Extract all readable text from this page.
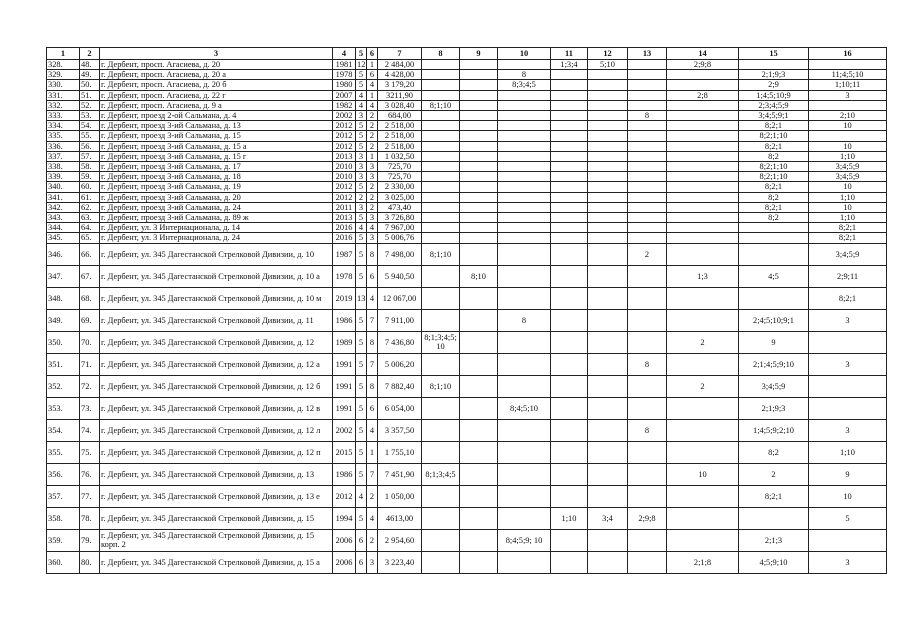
1	2	3	4	5	6	7	8	9	10	11	12	13	14	15	16
328.	48.	г. Дербент, просп. Агасиева, д. 20	1981	12	1	2 484,00				1;3;4	5;10		2;9;8		
329.	49.	г. Дербент, просп. Агасиева, д. 20 а	1978	5	6	4 428,00			8					2;1;9;3	11;4;5;10
330.	50.	г. Дербент, просп. Агасиева, д. 20 б	1980	5	4	3 179,20			8;3;4;5					2;9	1;10;11
331.	51.	г. Дербент, просп. Агасиева, д. 22 г	2007	4	1	3211,90							2;8	1;4;5;10;9	3
332.	52.	г. Дербент, просп. Агасиева, д. 9 а	1982	4	4	3 028,40	8;1;10							2;3;4;5;9	
333.	53.	г. Дербент, проезд 2-ой Сальмана, д. 4	2002	3	2	684,00						8		3;4;5;9;1	2;10
334.	54.	г. Дербент, проезд 3-ий Сальмана, д. 13	2012	5	2	2 518,00								8;2;1	10
335.	55.	г. Дербент, проезд 3-ий Сальмана, д. 15	2012	5	2	2 518,00								8;2;1;10	
336.	56.	г. Дербент, проезд 3-ий Сальмана, д. 15 а	2012	5	2	2 518,00								8;2;1	10
337.	57.	г. Дербент, проезд 3-ий Сальмана, д. 15 г	2013	3	1	1 032,50								8;2	1;10
338.	58.	г. Дербент, проезд 3-ий Сальмана, д. 17	2010	3	3	725,70								8;2;1;10	3;4;5;9
339.	59.	г. Дербент, проезд 3-ий Сальмана, д. 18	2010	3	3	725,70								8;2;1;10	3;4;5;9
340.	60.	г. Дербент, проезд 3-ий Сальмана, д. 19	2012	5	2	2 330,00								8;2;1	10
341.	61.	г. Дербент, проезд 3-ий Сальмана, д. 20	2012	2	2	3 025,00								8;2	1;10
342.	62.	г. Дербент, проезд 3-ий Сальмана, д. 24	2011	3	2	473,40								8;2;1	10
343.	63.	г. Дербент, проезд 3-ий Сальмана, д. 89 ж	2013	5	3	3 726,80								8;2	1;10
344.	64.	г. Дербент, ул. 3 Интернационала, д. 14	2016	4	4	7 967,00									8;2;1
345.	65.	г. Дербент, ул. 3 Интернационала, д. 24	2016	5	3	5 006,76									8;2;1
346.	66.	г. Дербент, ул. 345 Дагестанской Стрелковой Дивизии, д. 10	1987	5	8	7 498,00	8;1;10					2			3;4;5;9
347.	67.	г. Дербент, ул. 345 Дагестанской Стрелковой Дивизии, д. 10 а	1978	5	6	5 940,50		8;10					1;3	4;5	2;9;11
348.	68.	г. Дербент, ул. 345 Дагестанской Стрелковой Дивизии, д. 10 м	2019	13	4	12 067,00									8;2;1
349.	69.	г. Дербент, ул. 345 Дагестанской Стрелковой Дивизии, д. 11	1986	5	7	7 911,00			8					2;4;5;10;9;1	3
350.	70.	г. Дербент, ул. 345 Дагестанской Стрелковой Дивизии, д. 12	1989	5	8	7 436,80	8;1;3;4;5; 10						2	9	
351.	71.	г. Дербент, ул. 345 Дагестанской Стрелковой Дивизии, д. 12 а	1991	5	7	5 006,20						8		2;1;4;5;9;10	3
352.	72.	г. Дербент, ул. 345 Дагестанской Стрелковой Дивизии, д. 12 б	1991	5	8	7 882,40	8;1;10						2	3;4;5;9	
353.	73.	г. Дербент, ул. 345 Дагестанской Стрелковой Дивизии, д. 12 в	1991	5	6	6 054,00			8;4;5;10					2;1;9;3	
354.	74.	г. Дербент, ул. 345 Дагестанской Стрелковой Дивизии, д. 12 л	2002	5	4	3 357,50						8		1;4;5;9;2;10	3
355.	75.	г. Дербент, ул. 345 Дагестанской Стрелковой Дивизии, д. 12 п	2015	5	1	1 755,10								8;2	1;10
356.	76.	г. Дербент, ул. 345 Дагестанской Стрелковой Дивизии, д. 13	1986	5	7	7 451,90	8;1;3;4;5						10	2	9
357.	77.	г. Дербент, ул. 345 Дагестанской Стрелковой Дивизии, д. 13 е	2012	4	2	1 050,00								8;2;1	10
358.	78.	г. Дербент, ул. 345 Дагестанской Стрелковой Дивизии, д. 15	1994	5	4	4613,00				1;10	3;4	2;9;8			5
359.	79.	г. Дербент, ул. 345 Дагестанской Стрелковой Дивизии, д. 15 корп. 2	2006	6	2	2 954,60			8;4;5;9; 10					2;1;3	
360.	80.	г. Дербент, ул. 345 Дагестанской Стрелковой Дивизии, д. 15 а	2006	6	3	3 223,40							2;1;8	4;5;9;10	3
